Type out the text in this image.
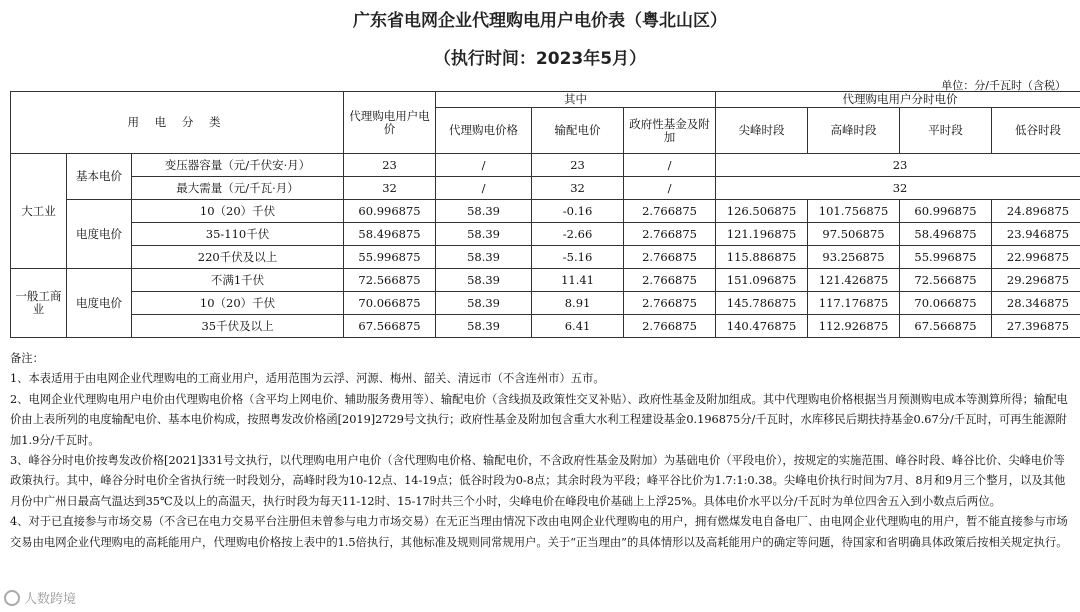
广东省电网企业代理购电用户电价表（粤北山区）
（执行时间：2023年5月）
单位：分/千瓦时（含税）
用 电 分 类			代理购电用户电价	其中			代理购电用户分时电价			
				代理购电价格	输配电价	政府性基金及附加	尖峰时段	高峰时段	平时段	低谷时段
大工业	基本电价	变压器容量（元/千伏安·月）	23	/	23	/	23			
		最大需量（元/千瓦·月）	32	/	32	/	32			
	电度电价	10（20）千伏	60.996875	58.39	-0.16	2.766875	126.506875	101.756875	60.996875	24.896875
		35-110千伏	58.496875	58.39	-2.66	2.766875	121.196875	97.506875	58.496875	23.946875
		220千伏及以上	55.996875	58.39	-5.16	2.766875	115.886875	93.256875	55.996875	22.996875
一般工商业	电度电价	不满1千伏	72.566875	58.39	11.41	2.766875	151.096875	121.426875	72.566875	29.296875
		10（20）千伏	70.066875	58.39	8.91	2.766875	145.786875	117.176875	70.066875	28.346875
		35千伏及以上	67.566875	58.39	6.41	2.766875	140.476875	112.926875	67.566875	27.396875

备注：

1、本表适用于由电网企业代理购电的工商业用户，适用范围为云浮、河源、梅州、韶关、清远市（不含连州市）五市。

2、电网企业代理购电用户电价由代理购电价格（含平均上网电价、辅助服务费用等）、输配电价（含线损及政策性交叉补贴）、政府性基金及附加组成。其中代理购电价格根据当月预测购电成本等测算所得；输配电价由上表所列的电度输配电价、基本电价构成，按照粤发改价格函[2019]2729号文执行；政府性基金及附加包含重大水利工程建设基金0.196875分/千瓦时，水库移民后期扶持基金0.67分/千瓦时，可再生能源附加1.9分/千瓦时。

3、峰谷分时电价按粤发改价格[2021]331号文执行，以代理购电用户电价（含代理购电价格、输配电价，不含政府性基金及附加）为基础电价（平段电价），按规定的实施范围、峰谷时段、峰谷比价、尖峰电价等政策执行。其中，峰谷分时电价全省执行统一时段划分，高峰时段为10-12点、14-19点；低谷时段为0-8点；其余时段为平段；峰平谷比价为1.7:1:0.38。尖峰电价执行时间为7月、8月和9月三个整月，以及其他月份中广州日最高气温达到35℃及以上的高温天，执行时段为每天11-12时、15-17时共三个小时，尖峰电价在峰段电价基础上上浮25%。具体电价水平以分/千瓦时为单位四舍五入到小数点后两位。

4、对于已直接参与市场交易（不含已在电力交易平台注册但未曾参与电力市场交易）在无正当理由情况下改由电网企业代理购电的用户，拥有燃煤发电自备电厂、由电网企业代理购电的用户，暂不能直接参与市场交易由电网企业代理购电的高耗能用户，代理购电价格按上表中的1.5倍执行，其他标准及规则同常规用户。关于“正当理由”的具体情形以及高耗能用户的确定等问题，待国家和省明确具体政策后按相关规定执行。

人数跨境
